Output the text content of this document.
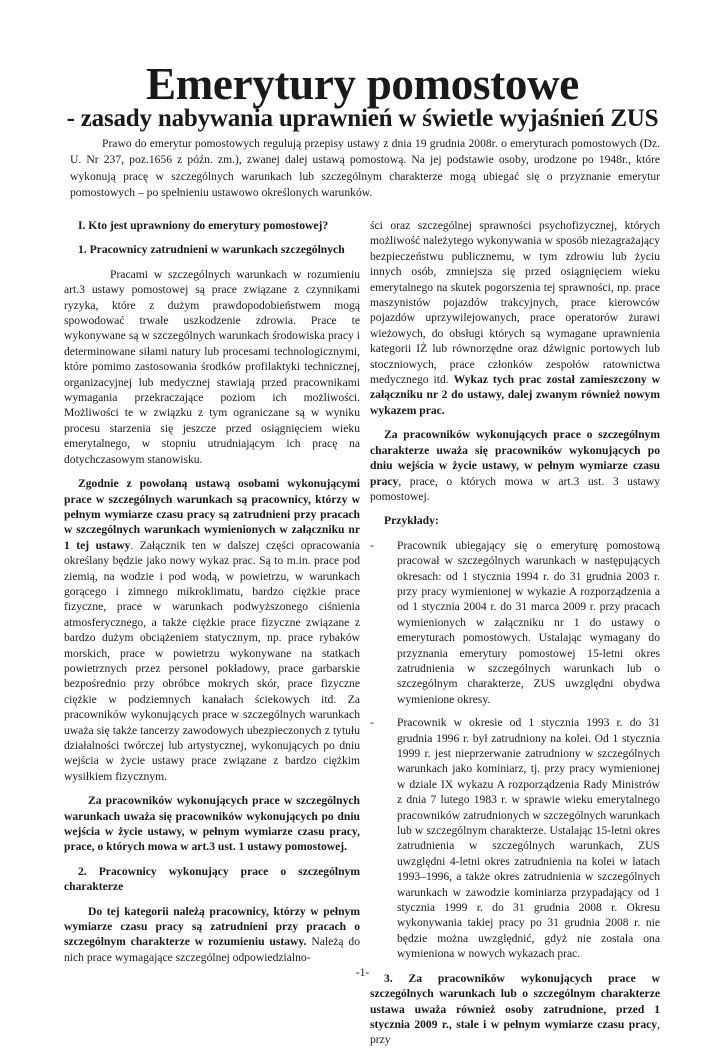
Emerytury pomostowe
- zasady nabywania uprawnień w świetle wyjaśnień ZUS

Prawo do emerytur pomostowych regulują przepisy ustawy z dnia 19 grudnia 2008r. o emeryturach pomostowych (Dz. U. Nr 237, poz.1656 z późn. zm.), zwanej dalej ustawą pomostową. Na jej podstawie osoby, urodzone po 1948r., które wykonują pracę w szczególnych warunkach lub szczególnym charakterze mogą ubiegać się o przyznanie emerytur pomostowych – po spełnieniu ustawowo określonych warunków.

I. Kto jest uprawniony do emerytury pomostowej?

1. Pracownicy zatrudnieni w warunkach szczególnych

Pracami w szczególnych warunkach w rozumieniu art.3 ustawy pomostowej są prace związane z czynnikami ryzyka, które z dużym prawdopodobieństwem mogą spowodować trwałe uszkodzenie zdrowia. Prace te wykonywane są w szczególnych warunkach środowiska pracy i determinowane siłami natury lub procesami technologicznymi, które pomimo zastosowania środków profilaktyki technicznej, organizacyjnej lub medycznej stawiają przed pracownikami wymagania przekraczające poziom ich możliwości. Możliwości te w związku z tym ograniczane są w wyniku procesu starzenia się jeszcze przed osiągnięciem wieku emerytalnego, w stopniu utrudniającym ich pracę na dotychczasowym stanowisku.

Zgodnie z powołaną ustawą osobami wykonującymi prace w szczególnych warunkach są pracownicy, którzy w pełnym wymiarze czasu pracy są zatrudnieni przy pracach w szczególnych warunkach wymienionych w załączniku nr 1 tej ustawy. Załącznik ten w dalszej części opracowania określany będzie jako nowy wykaz prac. Są to m.in. prace pod ziemią, na wodzie i pod wodą, w powietrzu, w warunkach gorącego i zimnego mikroklimatu, bardzo ciężkie prace fizyczne, prace w warunkach podwyższonego ciśnienia atmosferycznego, a także ciężkie prace fizyczne związane z bardzo dużym obciążeniem statycznym, np. prace rybaków morskich, prace w powietrzu wykonywane na statkach powietrznych przez personel pokładowy, prace garbarskie bezpośrednio przy obróbce mokrych skór, prace fizyczne ciężkie w podziemnych kanałach ściekowych itd. Za pracowników wykonujących prace w szczególnych warunkach uważa się także tancerzy zawodowych ubezpieczonych z tytułu działalności twórczej lub artystycznej, wykonujących po dniu wejścia w życie ustawy prace związane z bardzo ciężkim wysiłkiem fizycznym.

Za pracowników wykonujących prace w szczególnych warunkach uważa się pracowników wykonujących po dniu wejścia w życie ustawy, w pełnym wymiarze czasu pracy, prace, o których mowa w art.3 ust. 1 ustawy pomostowej.

2. Pracownicy wykonujący prace o szczególnym charakterze

Do tej kategorii należą pracownicy, którzy w pełnym wymiarze czasu pracy są zatrudnieni przy pracach o szczególnym charakterze w rozumieniu ustawy. Należą do nich prace wymagające szczególnej odpowiedzialno-

ści oraz szczególnej sprawności psychofizycznej, których możliwość należytego wykonywania w sposób niezagrażający bezpieczeństwu publicznemu, w tym zdrowiu lub życiu innych osób, zmniejsza się przed osiągnięciem wieku emerytalnego na skutek pogorszenia tej sprawności, np. prace maszynistów pojazdów trakcyjnych, prace kierowców pojazdów uprzywilejowanych, prace operatorów żurawi wieżowych, do obsługi których są wymagane uprawnienia kategorii IŻ lub równorzędne oraz dźwignic portowych lub stoczniowych, prace członków zespołów ratownictwa medycznego itd. Wykaz tych prac został zamieszczony w załączniku nr 2 do ustawy, dalej zwanym również nowym wykazem prac.

Za pracowników wykonujących prace o szczególnym charakterze uważa się pracowników wykonujących po dniu wejścia w życie ustawy, w pełnym wymiarze czasu pracy, prace, o których mowa w art.3 ust. 3 ustawy pomostowej.

Przykłady:

- Pracownik ubiegający się o emeryturę pomostową pracował w szczególnych warunkach w następujących okresach: od 1 stycznia 1994 r. do 31 grudnia 2003 r. przy pracy wymienionej w wykazie A rozporządzenia a od 1 stycznia 2004 r. do 31 marca 2009 r. przy pracach wymienionych w załączniku nr 1 do ustawy o emeryturach pomostowych. Ustalając wymagany do przyznania emerytury pomostowej 15-letni okres zatrudnienia w szczególnych warunkach lub o szczególnym charakterze, ZUS uwzględni obydwa wymienione okresy.
- Pracownik w okresie od 1 stycznia 1993 r. do 31 grudnia 1996 r. był zatrudniony na kolei. Od 1 stycznia 1999 r. jest nieprzerwanie zatrudniony w szczególnych warunkach jako kominiarz, tj. przy pracy wymienionej w dziale IX wykazu A rozporządzenia Rady Ministrów z dnia 7 lutego 1983 r. w sprawie wieku emerytalnego pracowników zatrudnionych w szczególnych warunkach lub w szczególnym charakterze. Ustalając 15-letni okres zatrudnienia w szczególnych warunkach, ZUS uwzględni 4-letni okres zatrudnienia na kolei w latach 1993–1996, a także okres zatrudnienia w szczególnych warunkach w zawodzie kominiarza przypadający od 1 stycznia 1999 r. do 31 grudnia 2008 r. Okresu wykonywania takiej pracy po 31 grudnia 2008 r. nie będzie można uwzględnić, gdyż nie została ona wymieniona w nowych wykazach prac.

3. Za pracowników wykonujących prace w szczególnych warunkach lub o szczególnym charakterze ustawa uważa również osoby zatrudnione, przed 1 stycznia 2009 r., stale i w pełnym wymiarze czasu pracy, przy

-1-
